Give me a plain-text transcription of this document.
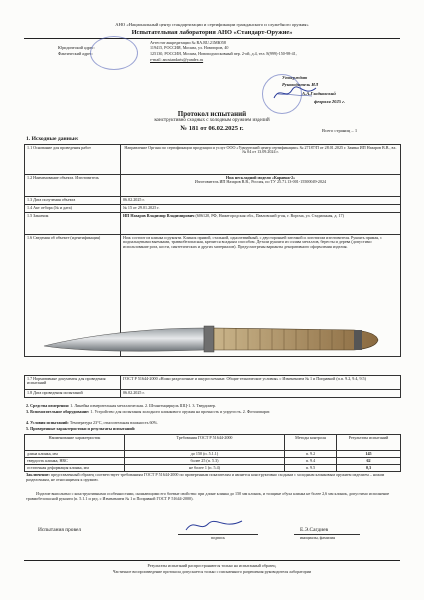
АНО «Национальный центр стандартизации и сертификации гражданского и служебного оружия»
Испытательная лаборатория АНО «Стандарт-Оружие»
Аттестат аккредитации № RA.RU.21МЮ58
Юридический адрес:	119415, РОССИЯ, Москва, ул. Новаторов, 40
Фактический адрес:	125130, РОССИЯ, Москва, Новоподмосковный пер. 2-ой, д.4, тел. 8(999)-150-98-41,
e-mail: anostandarts@yandex.ru
Утверждаю
Руководитель ИЛ
А.А.Гладковский
февраля 2025 г.
Протокол испытаний
конструктивно сходных с холодным оружием изделий
№ 181 от 06.02.2025 г.	Всего страниц – 1
1. Исходные данные:
1.1 Основание для проведения работ	Направление Органа по сертификации продукции и услуг ООО «Удмуртский центр сертификации» № 27187/П от 28.01.2025 г. Заявка ИП Назаров В.В., вх. № 04 от 13.09.2024 г.
1.2 Наименование объекта. Изготовитель	Нож нескладной модели «Каравна-2»
Изготовитель ИП Назаров В.В., Россия, по ТУ 25.71.13-001-15500049-2024

1.3 Дата получения объекта	06.02.2025 г.
1.4 Акт отбора (№ и дата)	№ 15 от 29.01.2025 г.
1.5 Заказчик	ИП Назаров Владимир Владимирович (606120, РФ, Нижегородская обл., Павловский р-он, г. Ворсма, ул. Стадионная, д. 17)
1.6 Сведения об объекте (идентификация)	Нож состоит из клинка и рукояти. Клинок прямой, стальной, однолезвийный, с двусторонней заточкой и логотипом изготовителя. Рукоять прямая, с подпальцевыми выемками, травмобезопасная, крепится всадным способом. Детали рукояти из сплава металлов, бересты и дерева (допустимо использование рога, кости, синтетических и других материалов). Предусмотрены варианты декоративного оформления изделия.
1.7 Нормативные документы для проведения испытаний	ГОСТ Р 51644-2000 «Ножи разделочные и шкуросъемные. Общие технические условия» с Изменением № 1 и Поправкой (п.п. 9.2, 9.4, 9.5)
1.8 Дата проведения испытаний	06.02.2025 г.
2. Средства измерения: 1. Линейка измерительная металлическая. 2. Штангенциркуль ШЦ-1. 3. Твердомер.
3. Вспомогательное оборудование: 1. Устройство для испытания холодного клинкового оружия на прочность и упругость. 2. Фотоаппарат.
4. Условия испытаний: Температура 23°С, относительная влажность 60%.
5. Проверенные характеристики и результаты испытаний:
Наименование характеристик	Требования ГОСТ Р 51644-2000	Методы контроля	Результаты испытаний
длина клинка, мм	до 150 (п. 5.1.1)	п. 9.2	145
твердость клинка, HRC	более 25 (п. 5.3)	п. 9.4	62
остаточная деформация клинка, мм	не более 1 (п. 5.4)	п. 9.5	0,3
Заключение: представленный образец соответствует требованиям ГОСТ Р 51644-2000 по проверенным показателям и является конструктивно сходным с холодным клинковым оружием изделием – ножом разделочным, не относящимся к оружию.
Изделие выполнено с конструктивными особенностями, снижающими его боевые свойства: при длине клинка до 150 мм клинок, и толщине обуха клинка не более 2,6 мм клинок, допустимо исполнение травмобезопасной рукояти (п. 5.1.1 и ред. с Изменением № 1 и Поправкой ГОСТ Р 51644-2000).
Испытания провел
подпись
Е.Э.Сагдиев
инициалы, фамилия
Результаты испытаний распространяются только на испытанный образец.
Частичное воспроизведение протокола допускается только с письменного разрешения руководителя лаборатории
